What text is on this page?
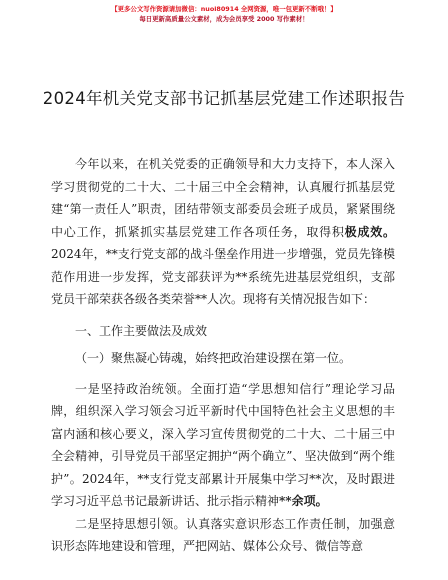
【更多公文写作资源请加微信：nuoi80914 全网资源，唯一包更新不断哦！】
每日更新高质量公文素材，成为会员享受 2000 写作素材！
2024年机关党支部书记抓基层党建工作述职报告

今年以来，在机关党委的正确领导和大力支持下，本人深入学习贯彻党的二十大、二十届三中全会精神，认真履行抓基层党建“第一责任人”职责，团结带领支部委员会班子成员，紧紧围绕中心工作，抓紧抓实基层党建工作各项任务，取得积极成效。2024年，**支行党支部的战斗堡垒作用进一步增强，党员先锋模范作用进一步发挥，党支部获评为**系统先进基层党组织，支部党员干部荣获各级各类荣誉**人次。现将有关情况报告如下：

一、工作主要做法及成效

（一）聚焦凝心铸魂，始终把政治建设摆在第一位。

一是坚持政治统领。全面打造“学思想知信行”理论学习品牌，组织深入学习领会习近平新时代中国特色社会主义思想的丰富内涵和核心要义，深入学习宣传贯彻党的二十大、二十届三中全会精神，引导党员干部坚定拥护“两个确立”、坚决做到“两个维护”。2024年，**支行党支部累计开展集中学习**次，及时跟进学习习近平总书记最新讲话、批示指示精神**余项。

二是坚持思想引领。认真落实意识形态工作责任制，加强意识形态阵地建设和管理，严把网站、媒体公众号、微信等意
